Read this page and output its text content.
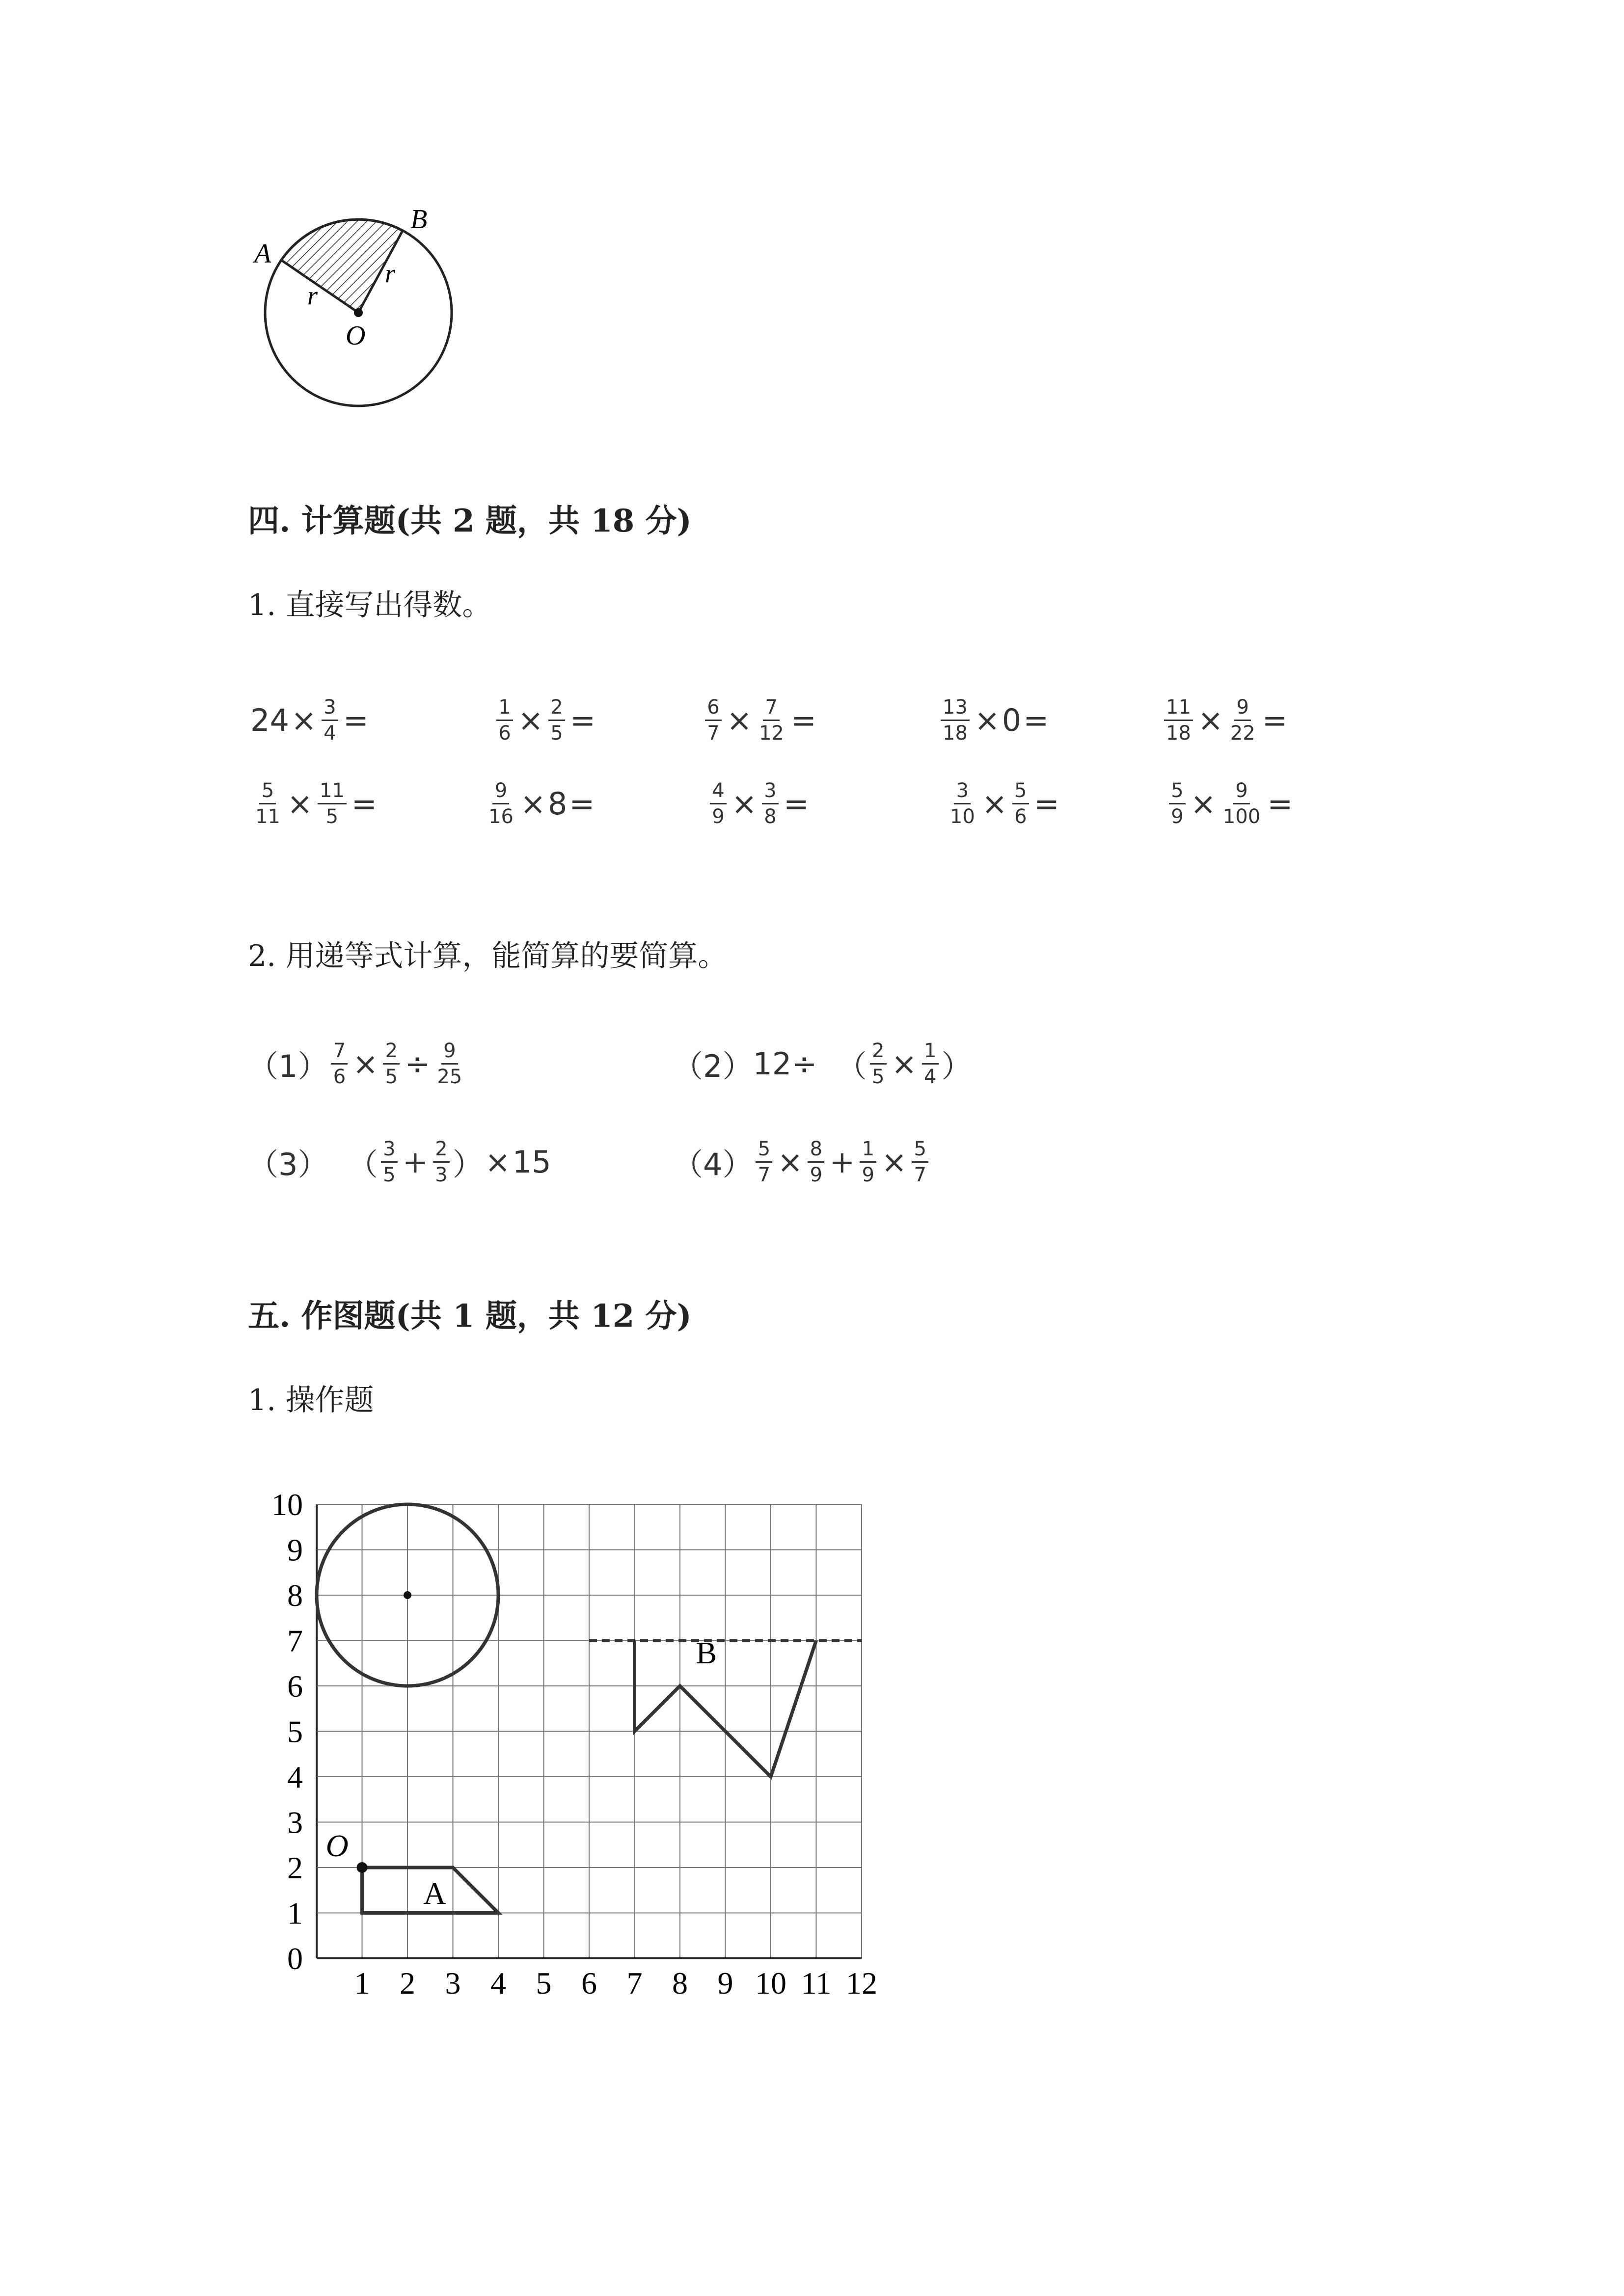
A
B
O
r
r
四. 计算题(共 2 题，共 18 分)
1. 直接写出得数。
$24 \times \frac{3}{4}$ =	$\frac{1}{6} \times \frac{2}{5}$ =	$\frac{6}{7} \times \frac{7}{12}$ =	$\frac{13}{18} \times 0$ =	$\frac{11}{18} \times \frac{9}{22}$ =
$\frac{5}{11} \times \frac{11}{5}$ =	$\frac{9}{16} \times 8$ =	$\frac{4}{9} \times \frac{3}{8}$ =	$\frac{3}{10} \times \frac{5}{6}$ =	$\frac{5}{9} \times \frac{9}{100}$ =
2. 用递等式计算，能简算的要简算。
$(1) \frac{7}{6} \times \frac{2}{5} \div \frac{9}{25}$	（2） 12÷ （ $\frac{2}{5} \times \frac{1}{4}$ ）
（3） （ $\frac{3}{5} + \frac{2}{3}$ ） × 15	$(4) \frac{5}{7} \times \frac{8}{9} + \frac{1}{9} \times \frac{5}{7}$
五. 作图题(共 1 题，共 12 分)
1. 操作题
0
1
2
3
4
5
6
7
8
9
10
1 2 3 4 5 6 7 8 9 10 11 12
A
O
B
